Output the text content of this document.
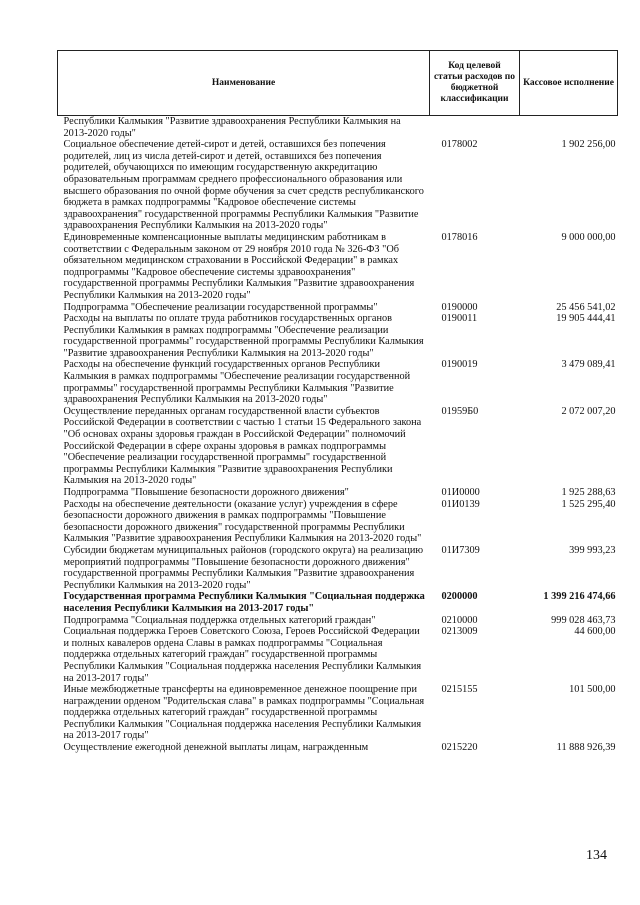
Наименование	Код целевой статьи расходов по бюджетной классификации	Кассовое исполнение
Республики Калмыкия "Развитие здравоохранения Республики Калмыкия на 2013-2020 годы"		
Социальное обеспечение детей-сирот и детей, оставшихся без попечения родителей, лиц из числа детей-сирот и детей, оставшихся без попечения родителей, обучающихся по имеющим государственную аккредитацию образовательным программам среднего профессионального образования или высшего образования по очной форме обучения за счет средств республиканского бюджета в рамках подпрограммы "Кадровое обеспечение системы здравоохранения" государственной программы Республики Калмыкия "Развитие здравоохранения Республики Калмыкия на 2013-2020 годы"	0178002	1 902 256,00
Единовременные компенсационные выплаты медицинским работникам в соответствии с Федеральным законом от 29 ноября 2010 года № 326-ФЗ "Об обязательном медицинском страховании в Российской Федерации" в рамках подпрограммы "Кадровое обеспечение системы здравоохранения" государственной программы Республики Калмыкия "Развитие здравоохранения Республики Калмыкия на 2013-2020 годы"	0178016	9 000 000,00
Подпрограмма "Обеспечение реализации государственной программы"	0190000	25 456 541,02
Расходы на выплаты по оплате труда работников государственных органов Республики Калмыкия в рамках подпрограммы "Обеспечение реализации государственной программы" государственной программы Республики Калмыкия "Развитие здравоохранения Республики Калмыкия на 2013-2020 годы"	0190011	19 905 444,41
Расходы на обеспечение функций государственных органов Республики Калмыкия в рамках подпрограммы "Обеспечение реализации государственной программы" государственной программы Республики Калмыкия "Развитие здравоохранения Республики Калмыкия на 2013-2020 годы"	0190019	3 479 089,41
Осуществление переданных органам государственной власти субъектов Российской Федерации в соответствии с частью 1 статьи 15 Федерального закона "Об основах охраны здоровья граждан в Российской Федерации" полномочий Российской Федерации в сфере охраны здоровья в рамках подпрограммы "Обеспечение реализации государственной программы" государственной программы Республики Калмыкия "Развитие здравоохранения Республики Калмыкия на 2013-2020 годы"	01959Б0	2 072 007,20
Подпрограмма "Повышение безопасности дорожного движения"	01И0000	1 925 288,63
Расходы на обеспечение деятельности (оказание услуг) учреждения в сфере безопасности дорожного движения в рамках подпрограммы "Повышение безопасности дорожного движения" государственной программы Республики Калмыкия "Развитие здравоохранения Республики Калмыкия на 2013-2020 годы"	01И0139	1 525 295,40
Субсидии бюджетам муниципальных районов (городского округа) на реализацию мероприятий подпрограммы "Повышение безопасности дорожного движения" государственной программы Республики Калмыкия "Развитие здравоохранения Республики Калмыкия на 2013-2020 годы"	01И7309	399 993,23
Государственная программа Республики Калмыкия "Социальная поддержка населения Республики Калмыкия на 2013-2017 годы"	0200000	1 399 216 474,66
Подпрограмма "Социальная поддержка отдельных категорий граждан"	0210000	999 028 463,73
Социальная поддержка Героев Советского Союза, Героев Российской Федерации и полных кавалеров ордена Славы в рамках подпрограммы "Социальная поддержка отдельных категорий граждан" государственной программы Республики Калмыкия "Социальная поддержка населения Республики Калмыкия на 2013-2017 годы"	0213009	44 600,00
Иные межбюджетные трансферты на единовременное денежное поощрение при награждении орденом "Родительская слава" в рамках подпрограммы "Социальная поддержка отдельных категорий граждан" государственной программы Республики Калмыкия "Социальная поддержка населения Республики Калмыкия на 2013-2017 годы"	0215155	101 500,00
Осуществление ежегодной денежной выплаты лицам, награжденным	0215220	11 888 926,39
134
